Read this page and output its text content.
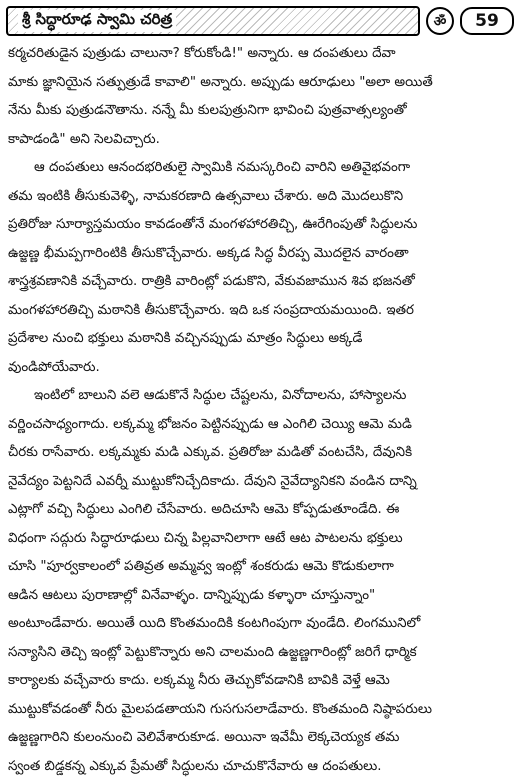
శ్రీ సిద్ధారూఢ స్వామి చరిత్ర	ॐ	59
కర్మచరితుడైన పుత్రుడు చాలునా? కోరుకోండి!" అన్నారు. ఆ దంపతులు దేవా
మాకు జ్ఞానియైన సత్పుత్రుడే కావాలి" అన్నారు. అప్పుడు ఆరూఢులు "అలా అయితే
నేను మీకు పుత్రుడనౌతాను. నన్నే మీ కులపుత్రునిగా భావించి పుత్రవాత్సల్యంతో
కాపాడండి" అని సెలవిచ్చారు.
ఆ దంపతులు ఆనందభరితులై స్వామికి నమస్కరించి వారిని అతివైభవంగా
తమ ఇంటికి తీసుకువెళ్ళి, నామకరణాది ఉత్సవాలు చేశారు. అది మొదలుకొని
ప్రతిరోజు సూర్యాస్తమయం కావడంతోనే మంగళహారతిచ్చి, ఊరేగింపుతో సిద్ధులను
ఉజ్జణ్ణ భీమప్పగారింటికి తీసుకొచ్చేవారు. అక్కడ సిద్ధ వీరప్ప మొదలైన వారంతా
శాస్త్రశ్రవణానికి వచ్చేవారు. రాత్రికి వారింట్లో పడుకొని, వేకువజామున శివ భజనతో
మంగళహారతిచ్చి మఠానికి తీసుకొచ్చేవారు. ఇది ఒక సంప్రదాయమయింది. ఇతర
ప్రదేశాల నుంచి భక్తులు మఠానికి వచ్చినప్పుడు మాత్రం సిద్ధులు అక్కడే
వుండిపోయేవారు.
ఇంటిలో బాలుని వలె ఆడుకొనే సిద్ధుల చేష్టలను, వినోదాలను, హాస్యాలను
వర్ణించసాధ్యంగాదు. లక్కమ్మ భోజనం పెట్టినప్పుడు ఆ ఎంగిలి చెయ్యి ఆమె మడి
చీరకు రాసేవారు. లక్కమ్మకు మడి ఎక్కువ. ప్రతిరోజు మడితో వంటచేసి, దేవునికి
నైవేద్యం పెట్టనిదే ఎవర్నీ ముట్టుకోనిచ్చేదికాదు. దేవుని నైవేద్యానికని వండిన దాన్ని
ఎట్లాగో వచ్చి సిద్ధులు ఎంగిలి చేసేవారు. అదిచూసి ఆమె కోప్పడుతూండేది. ఈ
విధంగా సద్గురు సిద్ధారూఢులు చిన్న పిల్లవానిలాగా ఆటే ఆట పాటలను భక్తులు
చూసి "పూర్వకాలంలో పతివ్రత అమ్మవ్వ ఇంట్లో శంకరుడు ఆమె కొడుకులాగా
ఆడిన ఆటలు పురాణాల్లో వినేవాళ్ళం. దాన్నిప్పుడు కళ్ళారా చూస్తున్నాం"
అంటూండేవారు. అయితే యిది కొంతమందికి కంటగింపుగా వుండేది. లింగమునిలో
సన్యాసిని తెచ్చి ఇంట్లో పెట్టుకొన్నారు అని చాలమంది ఉజ్జణ్ణగారింట్లో జరిగే ధార్మిక
కార్యాలకు వచ్చేవారు కాదు. లక్కమ్మ నీరు తెచ్చుకోవడానికి బావికి వెళ్తే ఆమె
ముట్టుకోవడంతో నీరు మైలపడతాయని గుసగుసలాడేవారు. కొంతమంది నిష్ఠాపరులు
ఉజ్జణ్ణగారిని కులంనుంచి వెలివేశారుకూడ. అయినా ఇవేమీ లెక్కచెయ్యక తమ
స్వంత బిడ్డకన్న ఎక్కువ ప్రేమతో సిద్ధులను చూచుకొనేవారు ఆ దంపతులు.
